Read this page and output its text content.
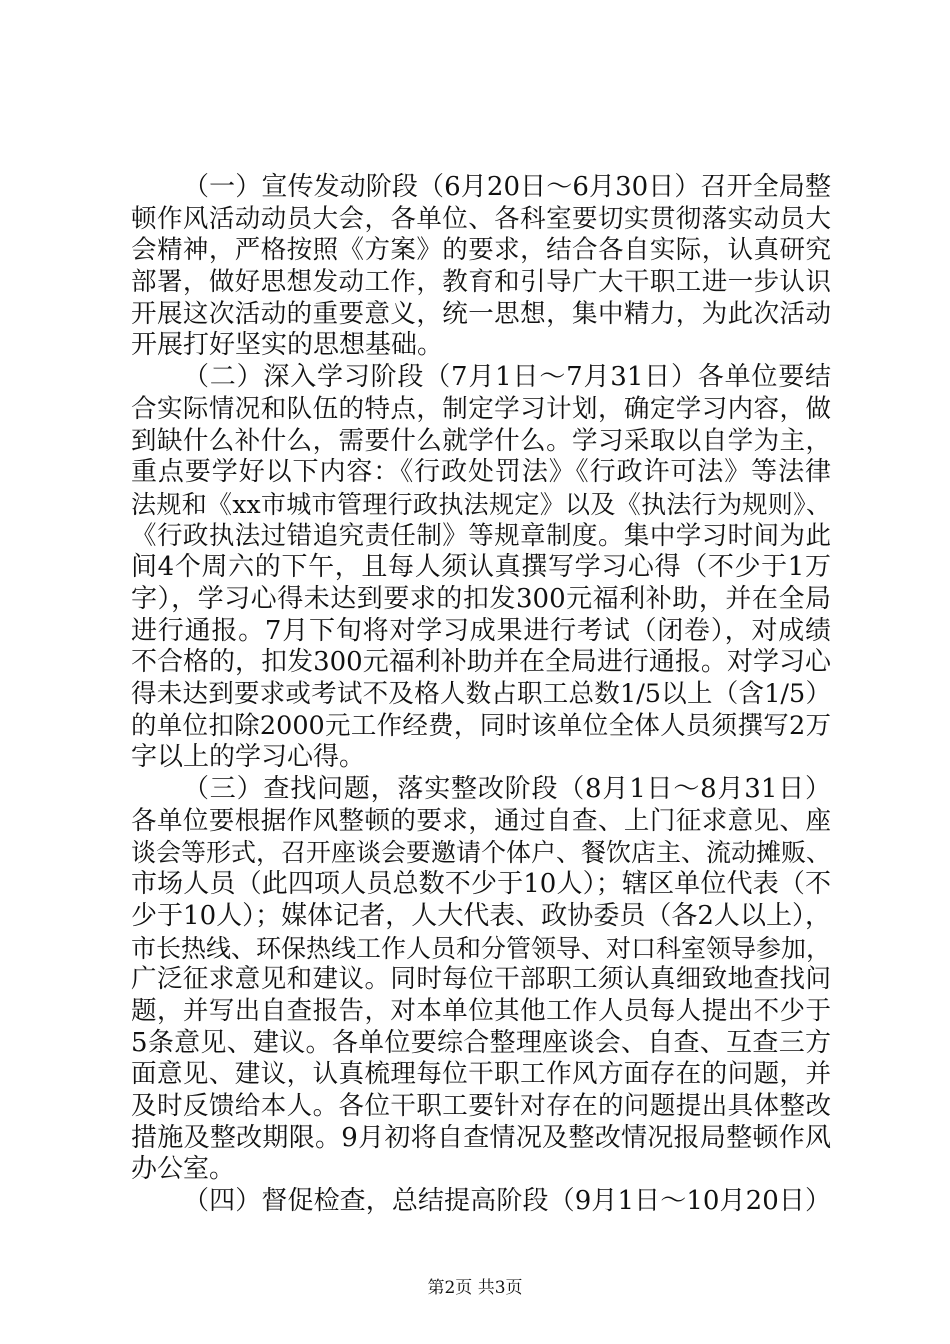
（一）宣传发动阶段（6月20日～6月30日）召开全局整
顿作风活动动员大会，各单位、各科室要切实贯彻落实动员大
会精神，严格按照《方案》的要求，结合各自实际，认真研究
部署，做好思想发动工作，教育和引导广大干职工进一步认识
开展这次活动的重要意义，统一思想，集中精力，为此次活动
开展打好坚实的思想基础。
（二）深入学习阶段（7月1日～7月31日）各单位要结
合实际情况和队伍的特点，制定学习计划，确定学习内容，做
到缺什么补什么，需要什么就学什么。学习采取以自学为主，
重点要学好以下内容：《行政处罚法》《行政许可法》等法律
法规和《xx市城市管理行政执法规定》以及《执法行为规则》、
《行政执法过错追究责任制》等规章制度。集中学习时间为此
间4个周六的下午，且每人须认真撰写学习心得（不少于1万
字），学习心得未达到要求的扣发300元福利补助，并在全局
进行通报。7月下旬将对学习成果进行考试（闭卷），对成绩
不合格的，扣发300元福利补助并在全局进行通报。对学习心
得未达到要求或考试不及格人数占职工总数1/5以上（含1/5）
的单位扣除2000元工作经费，同时该单位全体人员须撰写2万
字以上的学习心得。
（三）查找问题，落实整改阶段（8月1日～8月31日）
各单位要根据作风整顿的要求，通过自查、上门征求意见、座
谈会等形式，召开座谈会要邀请个体户、餐饮店主、流动摊贩、
市场人员（此四项人员总数不少于10人）；辖区单位代表（不
少于10人）；媒体记者，人大代表、政协委员（各2人以上），
市长热线、环保热线工作人员和分管领导、对口科室领导参加，
广泛征求意见和建议。同时每位干部职工须认真细致地查找问
题，并写出自查报告，对本单位其他工作人员每人提出不少于
5条意见、建议。各单位要综合整理座谈会、自查、互查三方
面意见、建议，认真梳理每位干职工作风方面存在的问题，并
及时反馈给本人。各位干职工要针对存在的问题提出具体整改
措施及整改期限。9月初将自查情况及整改情况报局整顿作风
办公室。
（四）督促检查，总结提高阶段（9月1日～10月20日）
第2页 共3页
